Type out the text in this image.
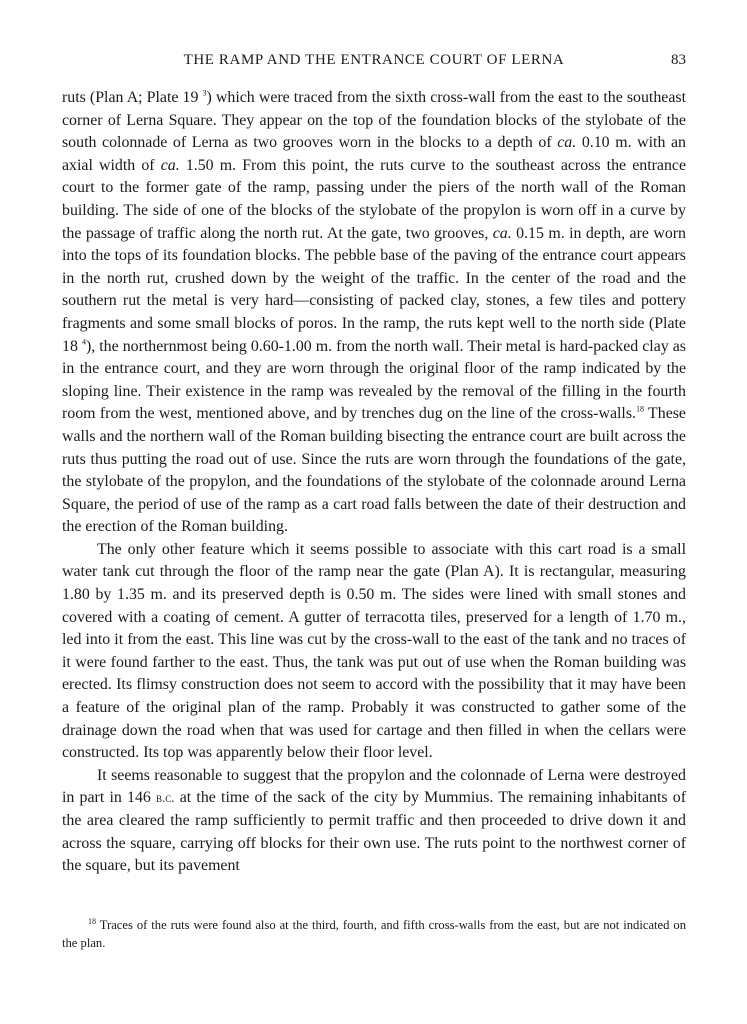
THE RAMP AND THE ENTRANCE COURT OF LERNA	83

ruts (Plan A; Plate 19 $^3$) which were traced from the sixth cross-wall from the east to the southeast corner of Lerna Square. They appear on the top of the foundation blocks of the stylobate of the south colonnade of Lerna as two grooves worn in the blocks to a depth of ca. 0.10 m. with an axial width of ca. 1.50 m. From this point, the ruts curve to the southeast across the entrance court to the former gate of the ramp, passing under the piers of the north wall of the Roman building. The side of one of the blocks of the stylobate of the propylon is worn off in a curve by the passage of traffic along the north rut. At the gate, two grooves, ca. 0.15 m. in depth, are worn into the tops of its foundation blocks. The pebble base of the paving of the entrance court appears in the north rut, crushed down by the weight of the traffic. In the center of the road and the southern rut the metal is very hard—consisting of packed clay, stones, a few tiles and pottery fragments and some small blocks of poros. In the ramp, the ruts kept well to the north side (Plate 18 $^4$), the northernmost being 0.60-1.00 m. from the north wall. Their metal is hard-packed clay as in the entrance court, and they are worn through the original floor of the ramp indicated by the sloping line. Their existence in the ramp was revealed by the removal of the filling in the fourth room from the west, mentioned above, and by trenches dug on the line of the cross-walls.$^{18}$ These walls and the northern wall of the Roman building bisecting the entrance court are built across the ruts thus putting the road out of use. Since the ruts are worn through the foundations of the gate, the stylobate of the propylon, and the foundations of the stylobate of the colonnade around Lerna Square, the period of use of the ramp as a cart road falls between the date of their destruction and the erection of the Roman building.

The only other feature which it seems possible to associate with this cart road is a small water tank cut through the floor of the ramp near the gate (Plan A). It is rectangular, measuring 1.80 by 1.35 m. and its preserved depth is 0.50 m. The sides were lined with small stones and covered with a coating of cement. A gutter of terracotta tiles, preserved for a length of 1.70 m., led into it from the east. This line was cut by the cross-wall to the east of the tank and no traces of it were found farther to the east. Thus, the tank was put out of use when the Roman building was erected. Its flimsy construction does not seem to accord with the possibility that it may have been a feature of the original plan of the ramp. Probably it was constructed to gather some of the drainage down the road when that was used for cartage and then filled in when the cellars were constructed. Its top was apparently below their floor level.

It seems reasonable to suggest that the propylon and the colonnade of Lerna were destroyed in part in 146 b.c. at the time of the sack of the city by Mummius. The remaining inhabitants of the area cleared the ramp sufficiently to permit traffic and then proceeded to drive down it and across the square, carrying off blocks for their own use. The ruts point to the northwest corner of the square, but its pavement

$^{18}$ Traces of the ruts were found also at the third, fourth, and fifth cross-walls from the east, but are not indicated on the plan.
